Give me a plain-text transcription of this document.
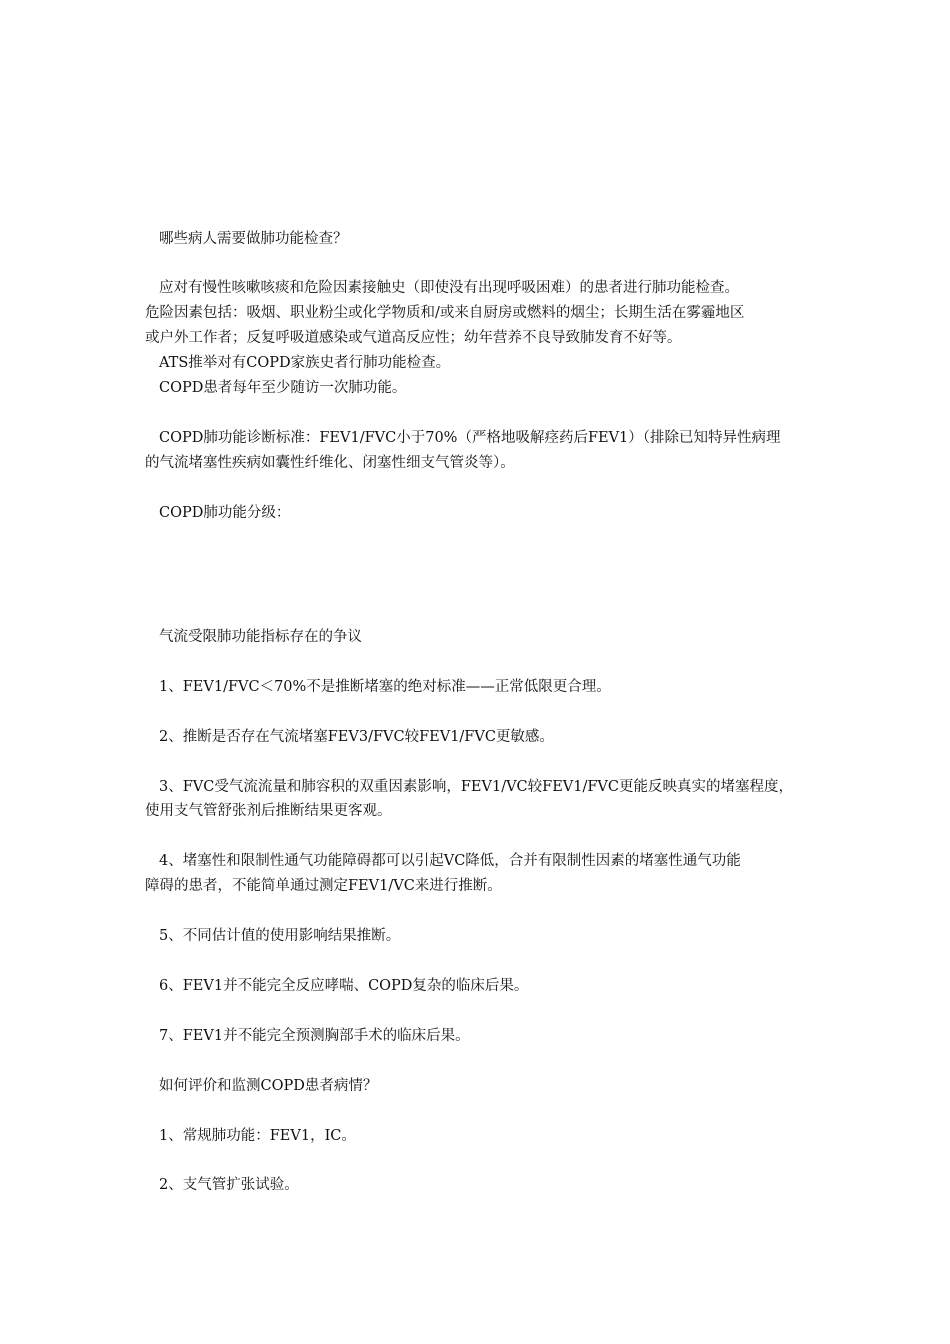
哪些病人需要做肺功能检查？
应对有慢性咳嗽咳痰和危险因素接触史（即使没有出现呼吸困难）的患者进行肺功能检查。
危险因素包括：吸烟、职业粉尘或化学物质和/或来自厨房或燃料的烟尘；长期生活在雾霾地区
或户外工作者；反复呼吸道感染或气道高反应性；幼年营养不良导致肺发育不好等。
ATS推举对有COPD家族史者行肺功能检查。
COPD患者每年至少随访一次肺功能。
COPD肺功能诊断标准：FEV1/FVC小于70%（严格地吸解痉药后FEV1）（排除已知特异性病理
的气流堵塞性疾病如囊性纤维化、闭塞性细支气管炎等）。
COPD肺功能分级：
气流受限肺功能指标存在的争议
1、FEV1/FVC＜70%不是推断堵塞的绝对标准——正常低限更合理。
2、推断是否存在气流堵塞FEV3/FVC较FEV1/FVC更敏感。
3、FVC受气流流量和肺容积的双重因素影响，FEV1/VC较FEV1/FVC更能反映真实的堵塞程度，
使用支气管舒张剂后推断结果更客观。
4、堵塞性和限制性通气功能障碍都可以引起VC降低，合并有限制性因素的堵塞性通气功能
障碍的患者，不能简单通过测定FEV1/VC来进行推断。
5、不同估计值的使用影响结果推断。
6、FEV1并不能完全反应哮喘、COPD复杂的临床后果。
7、FEV1并不能完全预测胸部手术的临床后果。
如何评价和监测COPD患者病情？
1、常规肺功能：FEV1，IC。
2、支气管扩张试验。
